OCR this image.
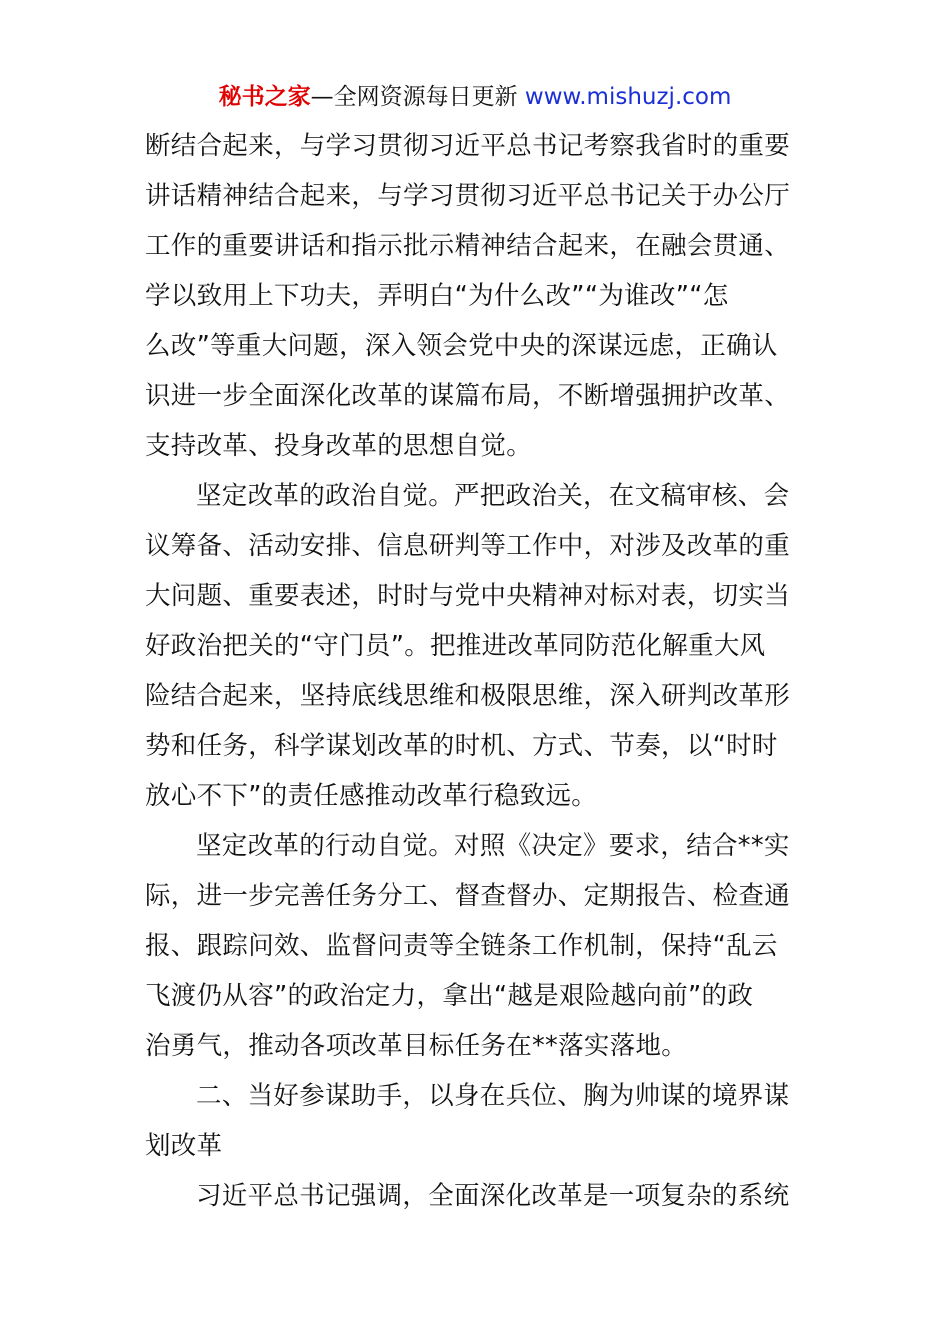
秘书之家—全网资源每日更新 www.mishuzj.com
断结合起来，与学习贯彻习近平总书记考察我省时的重要
讲话精神结合起来，与学习贯彻习近平总书记关于办公厅
工作的重要讲话和指示批示精神结合起来，在融会贯通、
学以致用上下功夫，弄明白“为什么改”“为谁改”“怎
么改”等重大问题，深入领会党中央的深谋远虑，正确认
识进一步全面深化改革的谋篇布局，不断增强拥护改革、
支持改革、投身改革的思想自觉。
坚定改革的政治自觉。严把政治关，在文稿审核、会
议筹备、活动安排、信息研判等工作中，对涉及改革的重
大问题、重要表述，时时与党中央精神对标对表，切实当
好政治把关的“守门员”。把推进改革同防范化解重大风
险结合起来，坚持底线思维和极限思维，深入研判改革形
势和任务，科学谋划改革的时机、方式、节奏，以“时时
放心不下”的责任感推动改革行稳致远。
坚定改革的行动自觉。对照《决定》要求，结合**实
际，进一步完善任务分工、督查督办、定期报告、检查通
报、跟踪问效、监督问责等全链条工作机制，保持“乱云
飞渡仍从容”的政治定力，拿出“越是艰险越向前”的政
治勇气，推动各项改革目标任务在**落实落地。
二、当好参谋助手，以身在兵位、胸为帅谋的境界谋
划改革
习近平总书记强调，全面深化改革是一项复杂的系统
